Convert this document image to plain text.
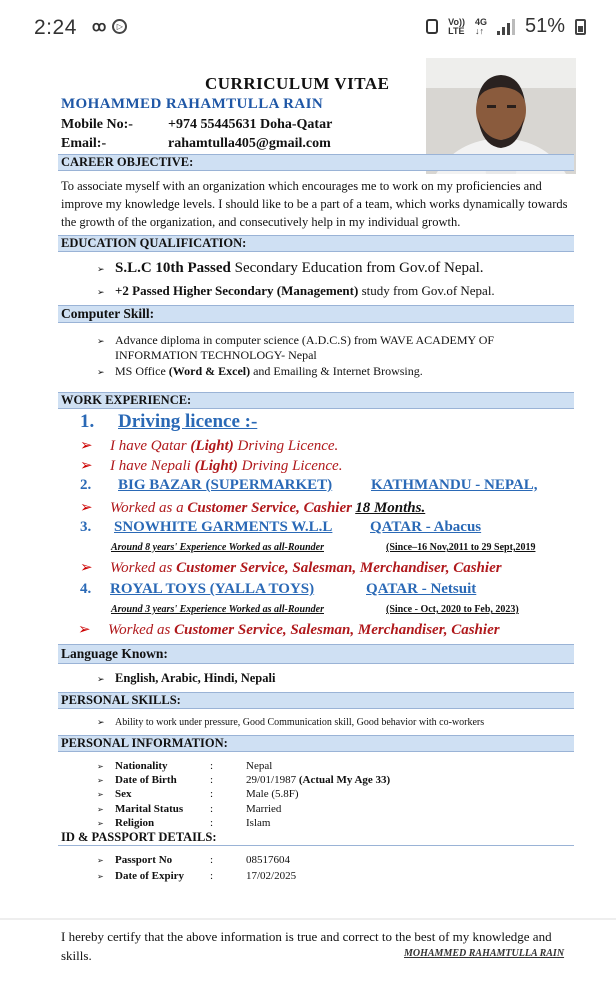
2:24 ꝏ	▷	Vo))
LTE
4G
↓↑ 51%
CURRICULUM VITAE
MOHAMMED RAHAMTULLA RAIN
Mobile No:-	+974 55445631 Doha-Qatar
Email:-	rahamtulla405@gmail.com
CAREER OBJECTIVE:
To associate myself with an organization which encourages me to work on my proficiencies and improve my knowledge levels. I should like to be a part of a team, which works dynamically towards the growth of the organization, and consecutively help in my individual growth.
EDUCATION QUALIFICATION:
➢ S.L.C 10th Passed Secondary Education from Gov.of Nepal.
➢ +2 Passed Higher Secondary (Management) study from Gov.of Nepal.
Computer Skill:
➢ Advance diploma in computer science (A.D.C.S) from WAVE ACADEMY OF
INFORMATION TECHNOLOGY- Nepal
➢ MS Office (Word & Excel) and Emailing & Internet Browsing.
WORK EXPERIENCE:
1. Driving licence :-
➢ I have Qatar (Light) Driving Licence.
➢ I have Nepali (Light) Driving Licence.
2. BIG BAZAR (SUPERMARKET)	KATHMANDU - NEPAL,
➢ Worked as a Customer Service, Cashier 18 Months.
3. SNOWHITE GARMENTS W.L.L	QATAR - Abacus
Around 8 years' Experience Worked as all-Rounder	(Since–16 Nov,2011 to 29 Sept,2019
➢ Worked as Customer Service, Salesman, Merchandiser, Cashier
4. ROYAL TOYS (YALLA TOYS)	QATAR - Netsuit
Around 3 years' Experience Worked as all-Rounder	(Since - Oct, 2020 to Feb, 2023)
➢ Worked as Customer Service, Salesman, Merchandiser, Cashier
Language Known:
➢ English, Arabic, Hindi, Nepali
PERSONAL SKILLS:
➢ Ability to work under pressure, Good Communication skill, Good behavior with co-workers
PERSONAL INFORMATION:
➢ Nationality	:	Nepal
➢ Date of Birth	:	29/01/1987 (Actual My Age 33)
➢ Sex	:	Male (5.8F)
➢ Marital Status :	Married
➢ Religion	:	Islam
ID & PASSPORT DETAILS:
➢ Passport No	:	08517604
➢ Date of Expiry :	17/02/2025
I hereby certify that the above information is true and correct to the best of my knowledge and skills.	MOHAMMED RAHAMTULLA RAIN
